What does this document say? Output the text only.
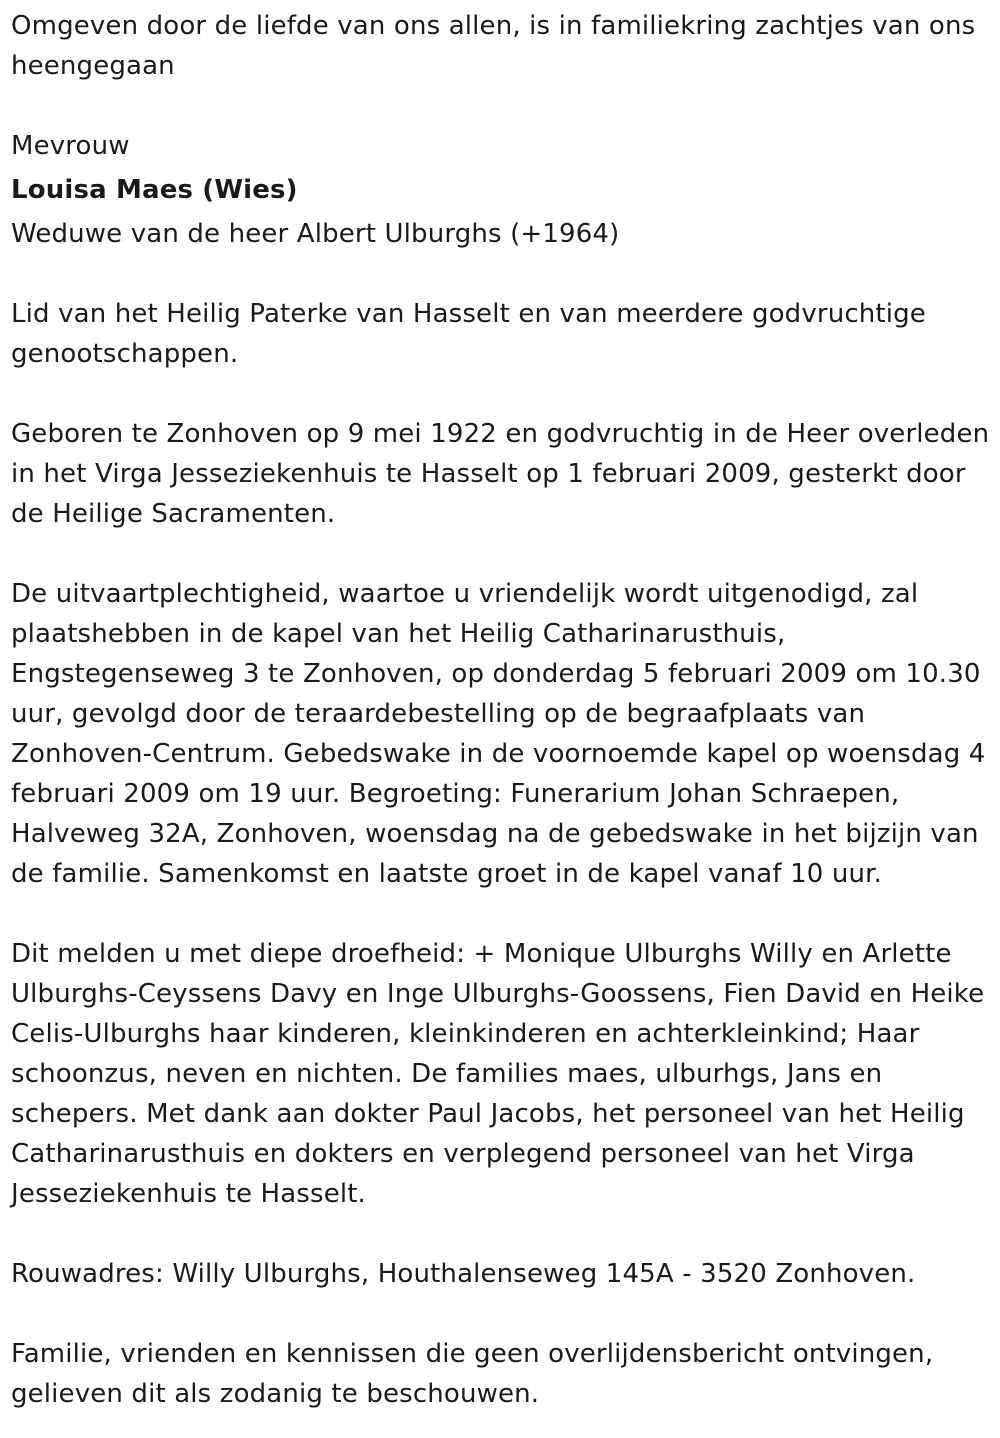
Omgeven door de liefde van ons allen, is in familiekring zachtjes van ons heengegaan

Mevrouw

Louisa Maes (Wies)

Weduwe van de heer Albert Ulburghs (+1964)

Lid van het Heilig Paterke van Hasselt en van meerdere godvruchtige genootschappen.

Geboren te Zonhoven op 9 mei 1922 en godvruchtig in de Heer overleden in het Virga Jesseziekenhuis te Hasselt op 1 februari 2009, gesterkt door de Heilige Sacramenten.

De uitvaartplechtigheid, waartoe u vriendelijk wordt uitgenodigd, zal plaatshebben in de kapel van het Heilig Catharinarusthuis, Engstegenseweg 3 te Zonhoven, op donderdag 5 februari 2009 om 10.30 uur, gevolgd door de teraardebestelling op de begraafplaats van Zonhoven-Centrum. Gebedswake in de voornoemde kapel op woensdag 4 februari 2009 om 19 uur. Begroeting: Funerarium Johan Schraepen, Halveweg 32A, Zonhoven, woensdag na de gebedswake in het bijzijn van de familie. Samenkomst en laatste groet in de kapel vanaf 10 uur.

Dit melden u met diepe droefheid: + Monique Ulburghs Willy en Arlette Ulburghs-Ceyssens Davy en Inge Ulburghs-Goossens, Fien David en Heike Celis-Ulburghs haar kinderen, kleinkinderen en achterkleinkind; Haar schoonzus, neven en nichten. De families maes, ulburhgs, Jans en schepers. Met dank aan dokter Paul Jacobs, het personeel van het Heilig Catharinarusthuis en dokters en verplegend personeel van het Virga Jesseziekenhuis te Hasselt.

Rouwadres: Willy Ulburghs, Houthalenseweg 145A - 3520 Zonhoven.

Familie, vrienden en kennissen die geen overlijdensbericht ontvingen, gelieven dit als zodanig te beschouwen.
